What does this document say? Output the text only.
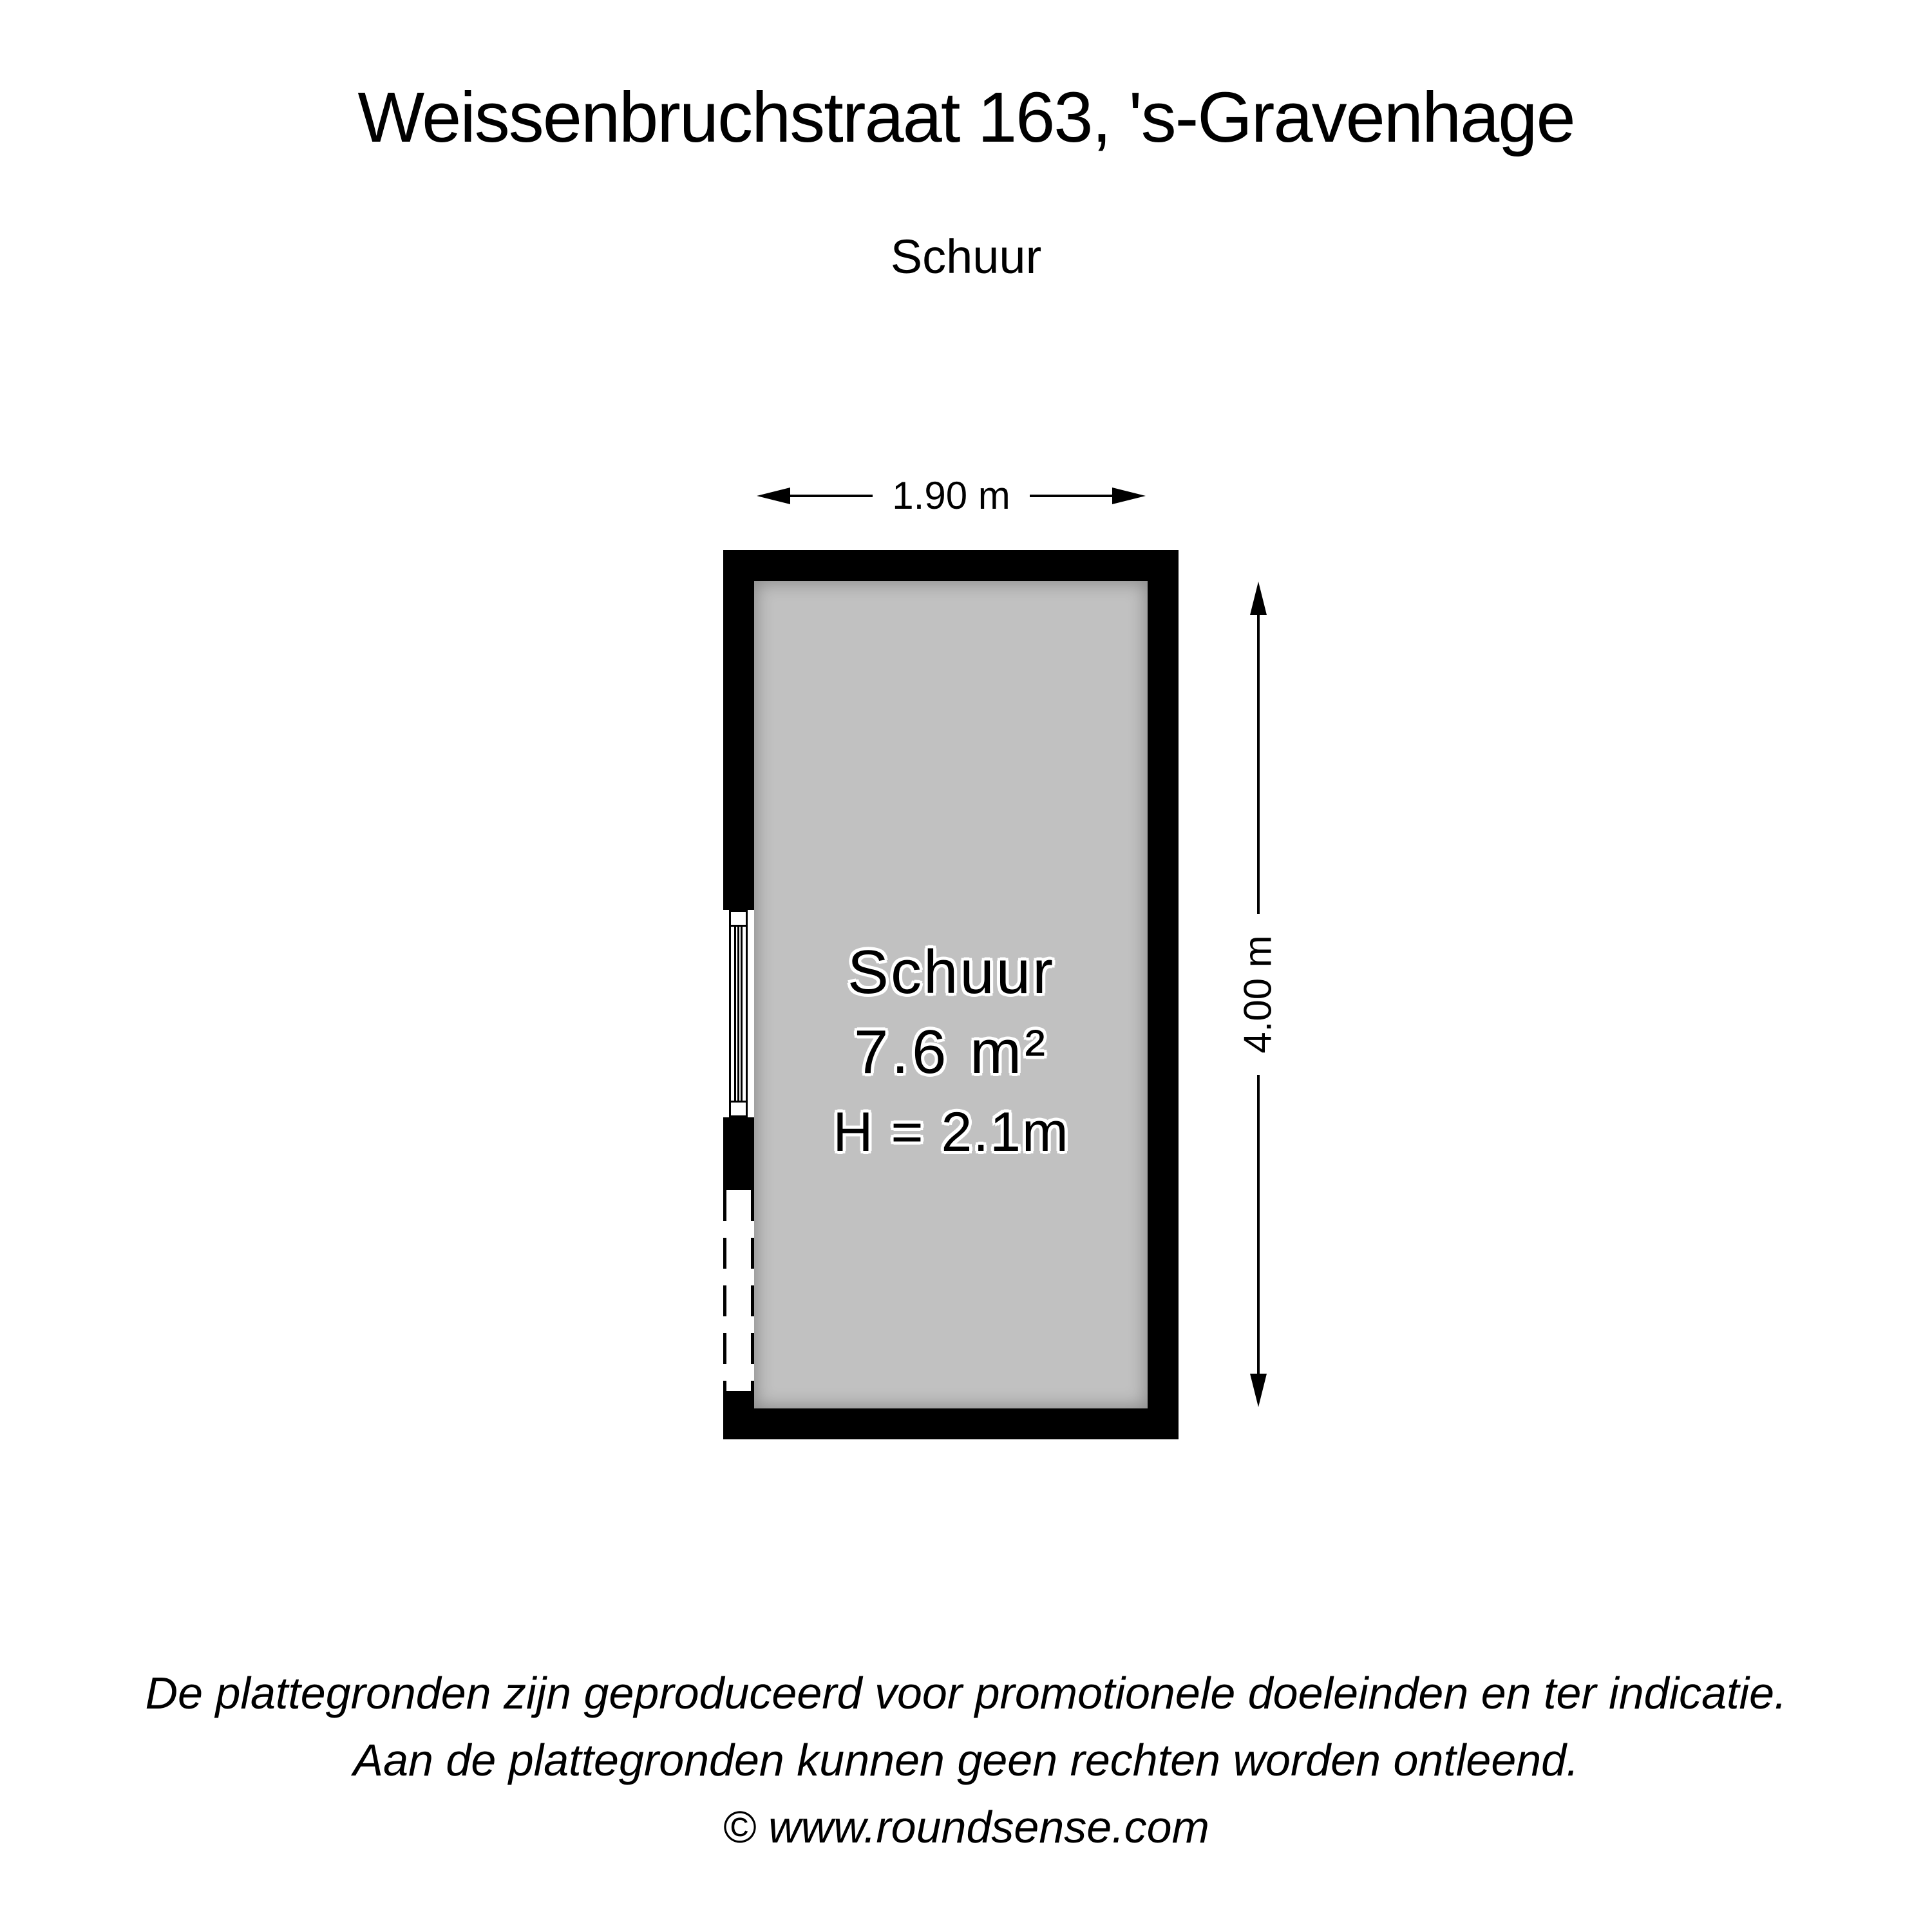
Weissenbruchstraat 163, 's-Gravenhage
Schuur
1.90 m
Schuur
7.6 m²
H = 2.1m
4.00 m
De plattegronden zijn geproduceerd voor promotionele doeleinden en ter indicatie.
Aan de plattegronden kunnen geen rechten worden ontleend.
© www.roundsense.com
